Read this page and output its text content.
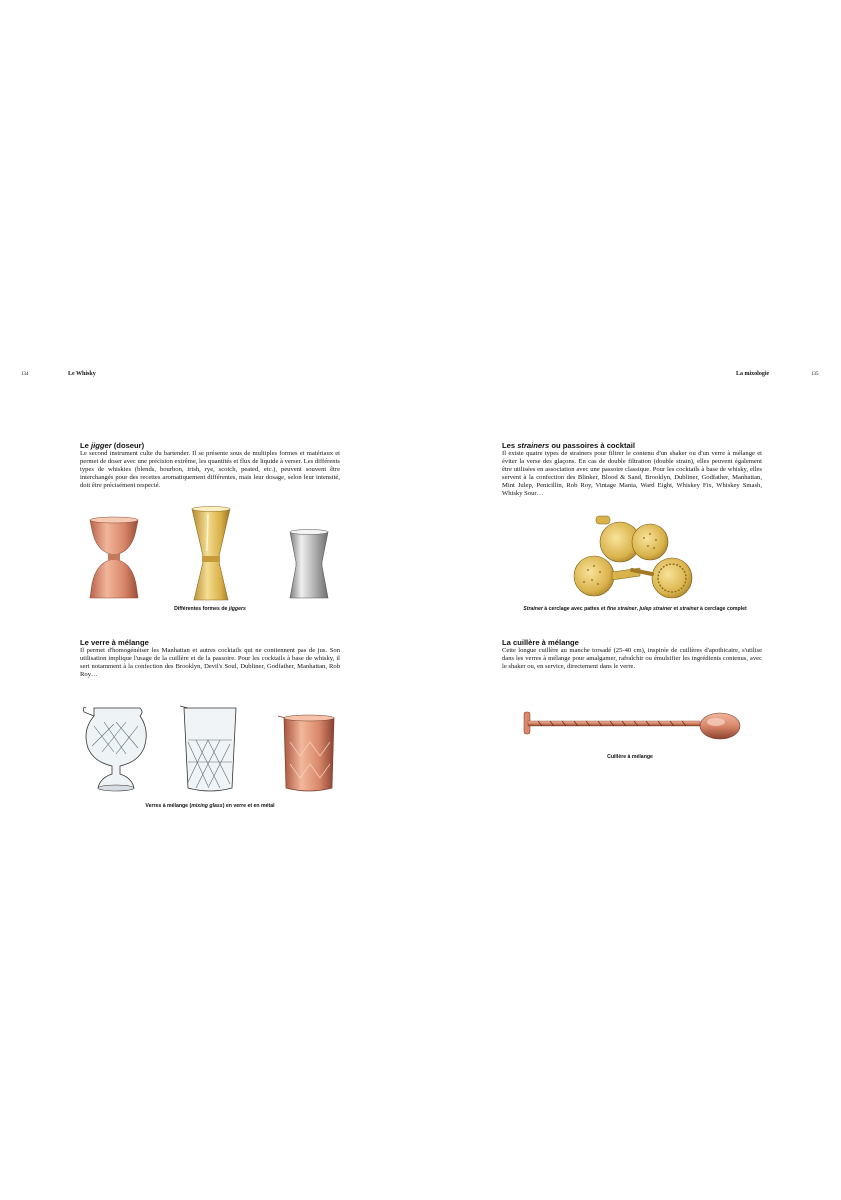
134	Le Whisky	La mixologie	135
Le jigger (doseur)

Le second instrument culte du bartender. Il se présente sous de multiples formes et matériaux et permet de doser avec une précision extrême, les quantités et flux de liquide à verser. Les différents types de whiskies (blends, bourbon, irish, rye, scotch, peated, etc.), peuvent souvent être interchangés pour des recettes aromatiquement différentes, mais leur dosage, selon leur intensité, doit être précisément respecté.

Différentes formes de jiggers
Le verre à mélange

Il permet d'homogénéiser les Manhattan et autres cocktails qui ne contiennent pas de jus. Son utilisation implique l'usage de la cuillère et de la passoire. Pour les cocktails à base de whisky, il sert notamment à la confection des Brooklyn, Devil's Soul, Dubliner, Godfather, Manhattan, Rob Roy…

Verres à mélange (mixing glass) en verre et en métal
Les strainers ou passoires à cocktail

Il existe quatre types de strainers pour filtrer le contenu d'un shaker ou d'un verre à mélange et éviter la verse des glaçons. En cas de double filtration (double strain), elles peuvent également être utilisées en association avec une passoire classique. Pour les cocktails à base de whisky, elles servent à la confection des Blinker, Blood & Sand, Brooklyn, Dubliner, Godfather, Manhattan, Mint Julep, Penicillin, Rob Roy, Vintage Mania, Ward Eight, Whiskey Fix, Whiskey Smash, Whisky Sour…

Strainer à cerclage avec pattes et fine strainer, julep strainer et strainer à cerclage complet
La cuillère à mélange

Cette longue cuillère au manche torsadé (25-40 cm), inspirée de cuillères d'apothicaire, s'utilise dans les verres à mélange pour amalgamer, rafraîchir ou émulsifier les ingrédients contenus, avec le shaker ou, en service, directement dans le verre.

Cuillère à mélange
